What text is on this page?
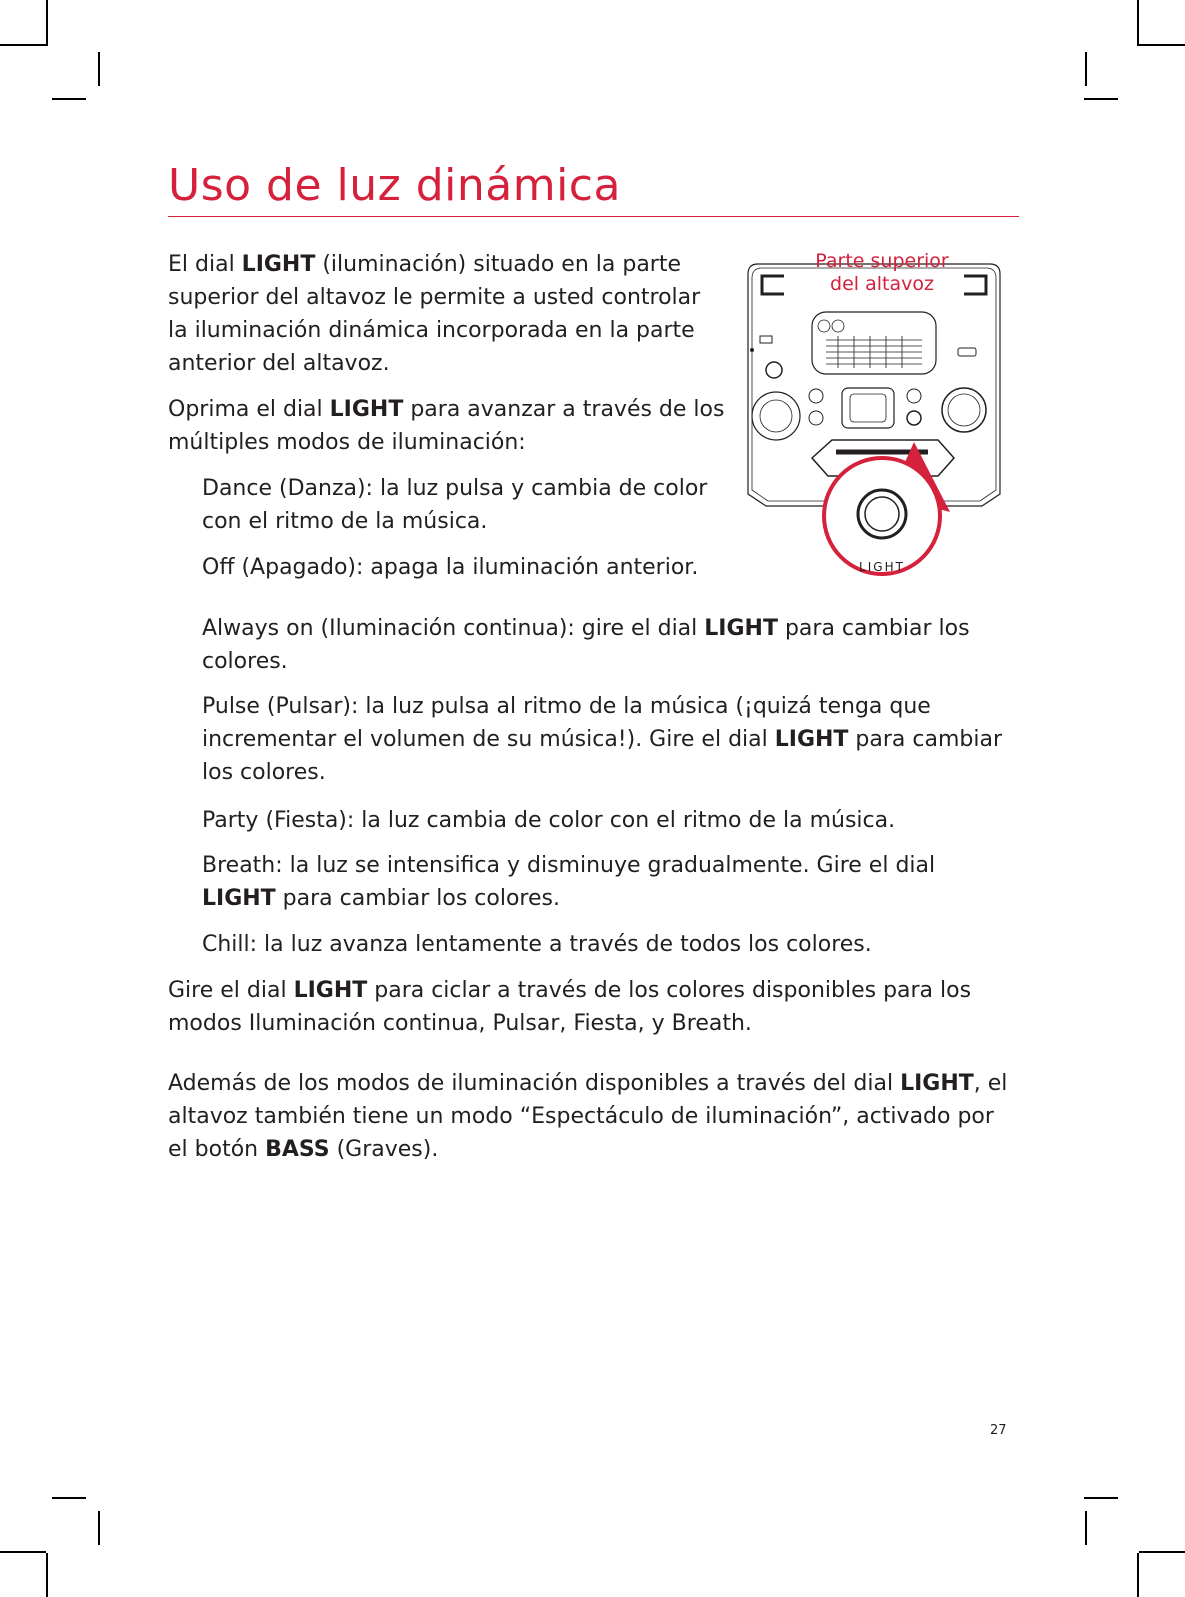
Uso de luz dinámica

El dial LIGHT (iluminación) situado en la parte superior del altavoz le permite a usted controlar la iluminación dinámica incorporada en la parte anterior del altavoz.

Oprima el dial LIGHT para avanzar a través de los múltiples modos de iluminación:

Dance (Danza): la luz pulsa y cambia de color con el ritmo de la música.

Off (Apagado): apaga la iluminación anterior.

Always on (Iluminación continua): gire el dial LIGHT para cambiar los colores.

Pulse (Pulsar): la luz pulsa al ritmo de la música (¡quizá tenga que incrementar el volumen de su música!). Gire el dial LIGHT para cambiar los colores.

Party (Fiesta): la luz cambia de color con el ritmo de la música.

Breath: la luz se intensifica y disminuye gradualmente. Gire el dial LIGHT para cambiar los colores.

Chill: la luz avanza lentamente a través de todos los colores.

Gire el dial LIGHT para ciclar a través de los colores disponibles para los modos Iluminación continua, Pulsar, Fiesta, y Breath.

Además de los modos de iluminación disponibles a través del dial LIGHT, el altavoz también tiene un modo “Espectáculo de iluminación”, activado por el botón BASS (Graves).

Parte superior
del altavoz

LIGHT
27
